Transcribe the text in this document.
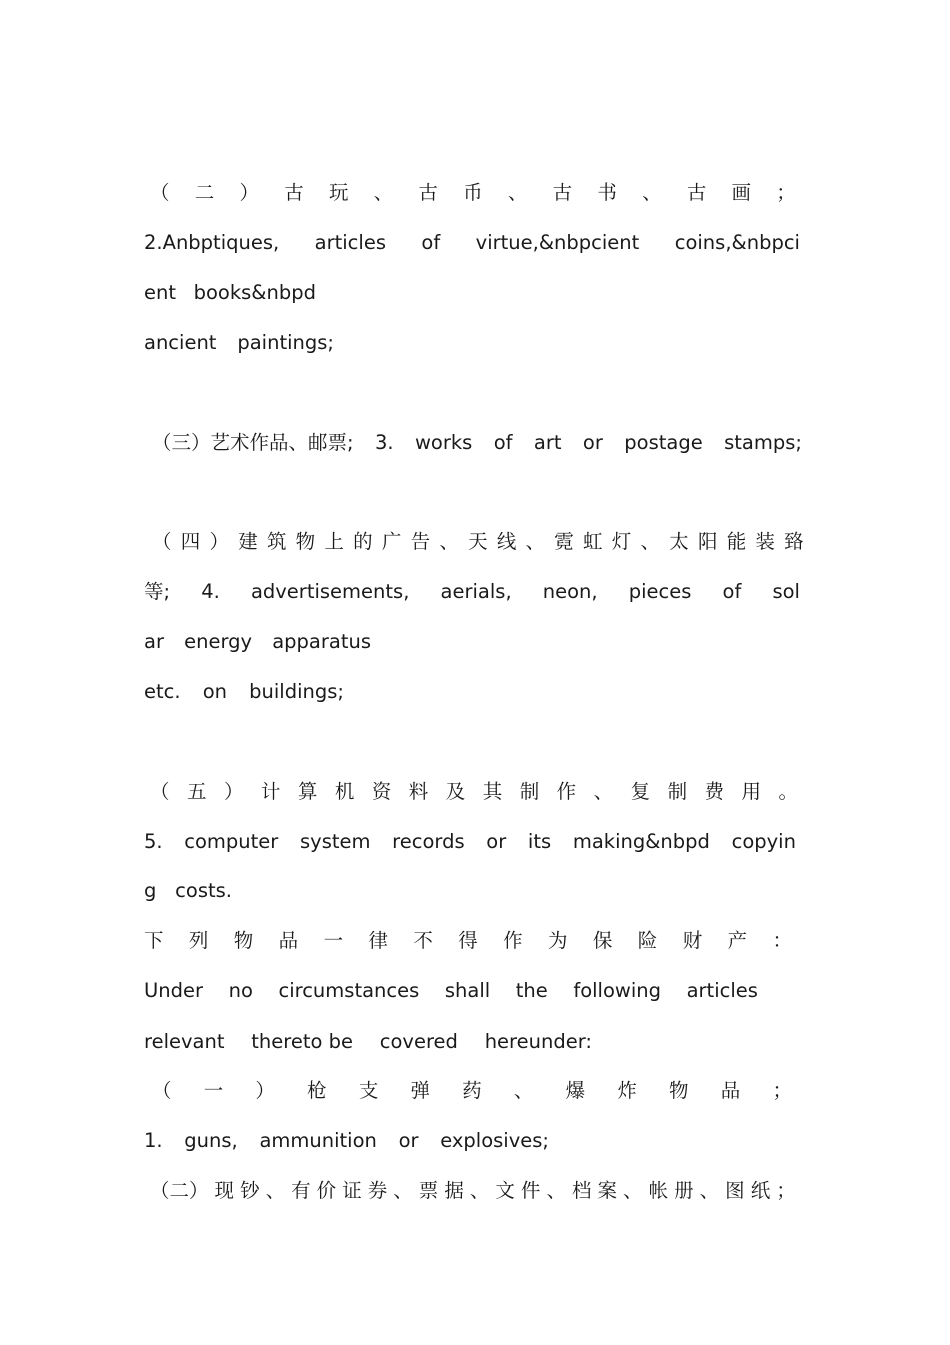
（ 二 ） 古 玩 、 古 币 、 古 书 、 古 画 ；
2.Anbptiques, articles of virtue,&nbpcient coins,&nbpci
ent books&nbpd
ancient paintings;
（三）艺术作品、邮票; 3. works of art or postage stamps;
（ 四 ） 建 筑 物 上 的 广 告 、 天 线 、 霓 虹 灯 、 太 阳 能 装 臵
等; 4. advertisements, aerials, neon, pieces of sol
ar energy apparatus
etc. on buildings;
（ 五 ） 计 算 机 资 料 及 其 制 作 、 复 制 费 用 。
5. computer system records or its making&nbpd copyin
g costs.
下 列 物 品 一 律 不 得 作 为 保 险 财 产 ：
Under no circumstances shall the following articles
relevant thereto be covered hereunder:
（ 一 ） 枪 支 弹 药 、 爆 炸 物 品 ；
1. guns, ammunition or explosives;
（二） 现 钞 、 有 价 证 券 、 票 据 、 文 件 、 档 案 、 帐 册 、 图 纸 ；
